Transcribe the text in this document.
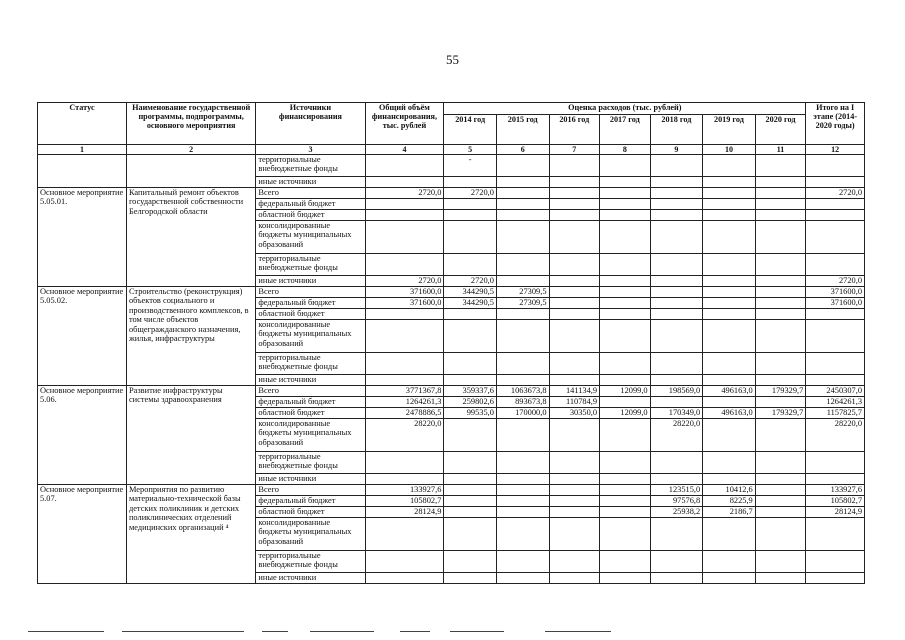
55
Статус	Наименование государственной программы, подпрограммы, основного мероприятия	Источники финансирования	Общий объём финансирования, тыс. рублей	Оценка расходов (тыс. рублей)							Итого на I этапе (2014-2020 годы)
				2014 год	2015 год	2016 год	2017 год	2018 год	2019 год	2020 год	
1	2	3	4	5	6	7	8	9	10	11	12
		территориальные внебюджетные фонды		-							
		иные источники									
Основное мероприятие 5.05.01.	Капитальный ремонт объектов государственной собственности Белгородской области	Всего	2720,0	2720,0							2720,0
		федеральный бюджет									
		областной бюджет									
		консолидированные бюджеты муниципальных образований									
		территориальные внебюджетные фонды									
		иные источники	2720,0	2720,0							2720,0
Основное мероприятие 5.05.02.	Строительство (реконструкция) объектов социального и производственного комплексов, в том числе объектов общегражданского назначения, жилья, инфраструктуры	Всего	371600,0	344290,5	27309,5						371600,0
		федеральный бюджет	371600,0	344290,5	27309,5						371600,0
		областной бюджет									
		консолидированные бюджеты муниципальных образований									
		территориальные внебюджетные фонды									
		иные источники									
Основное мероприятие 5.06.	Развитие инфраструктуры системы здравоохранения	Всего	3771367,8	359337,6	1063673,8	141134,9	12099,0	198569,0	496163,0	179329,7	2450307,0
		федеральный бюджет	1264261,3	259802,6	893673,8	110784,9					1264261,3
		областной бюджет	2478886,5	99535,0	170000,0	30350,0	12099,0	170349,0	496163,0	179329,7	1157825,7
		консолидированные бюджеты муниципальных образований	28220,0					28220,0			28220,0
		территориальные внебюджетные фонды									
		иные источники									
Основное мероприятие 5.07.	Мероприятия по развитию материально-технической базы детских поликлиник и детских поликлинических отделений медицинских организаций ⁴	Всего	133927,6					123515,0	10412,6		133927,6
		федеральный бюджет	105802,7					97576,8	8225,9		105802,7
		областной бюджет	28124,9					25938,2	2186,7		28124,9
		консолидированные бюджеты муниципальных образований									
		территориальные внебюджетные фонды									
		иные источники									
